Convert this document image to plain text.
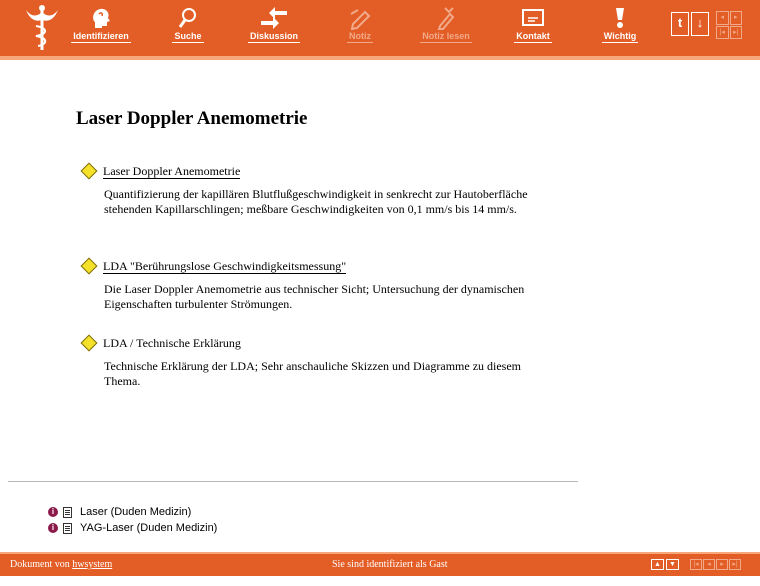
Identifizieren	Suche	Diskussion	Notiz	Notiz lesen	Kontakt	Wichtig
t	↓	◂	▸
|◂	▸|
Laser Doppler Anemometrie
Laser Doppler Anemometrie
Quantifizierung der kapillären Blutflußgeschwindigkeit in senkrecht zur Hautoberfläche stehenden Kapillarschlingen; meßbare Geschwindigkeiten von 0,1 mm/s bis 14 mm/s.
LDA "Berührungslose Geschwindigkeitsmessung"
Die Laser Doppler Anemometrie aus technischer Sicht; Untersuchung der dynamischen Eigenschaften turbulenter Strömungen.
LDA / Technische Erklärung
Technische Erklärung der LDA; Sehr anschauliche Skizzen und Diagramme zu diesem Thema.
i	Laser (Duden Medizin)
i	YAG-Laser (Duden Medizin)
Dokument von hwsystem	Sie sind identifiziert als Gast	▲	▼	|◂	◂	▸	▸|
